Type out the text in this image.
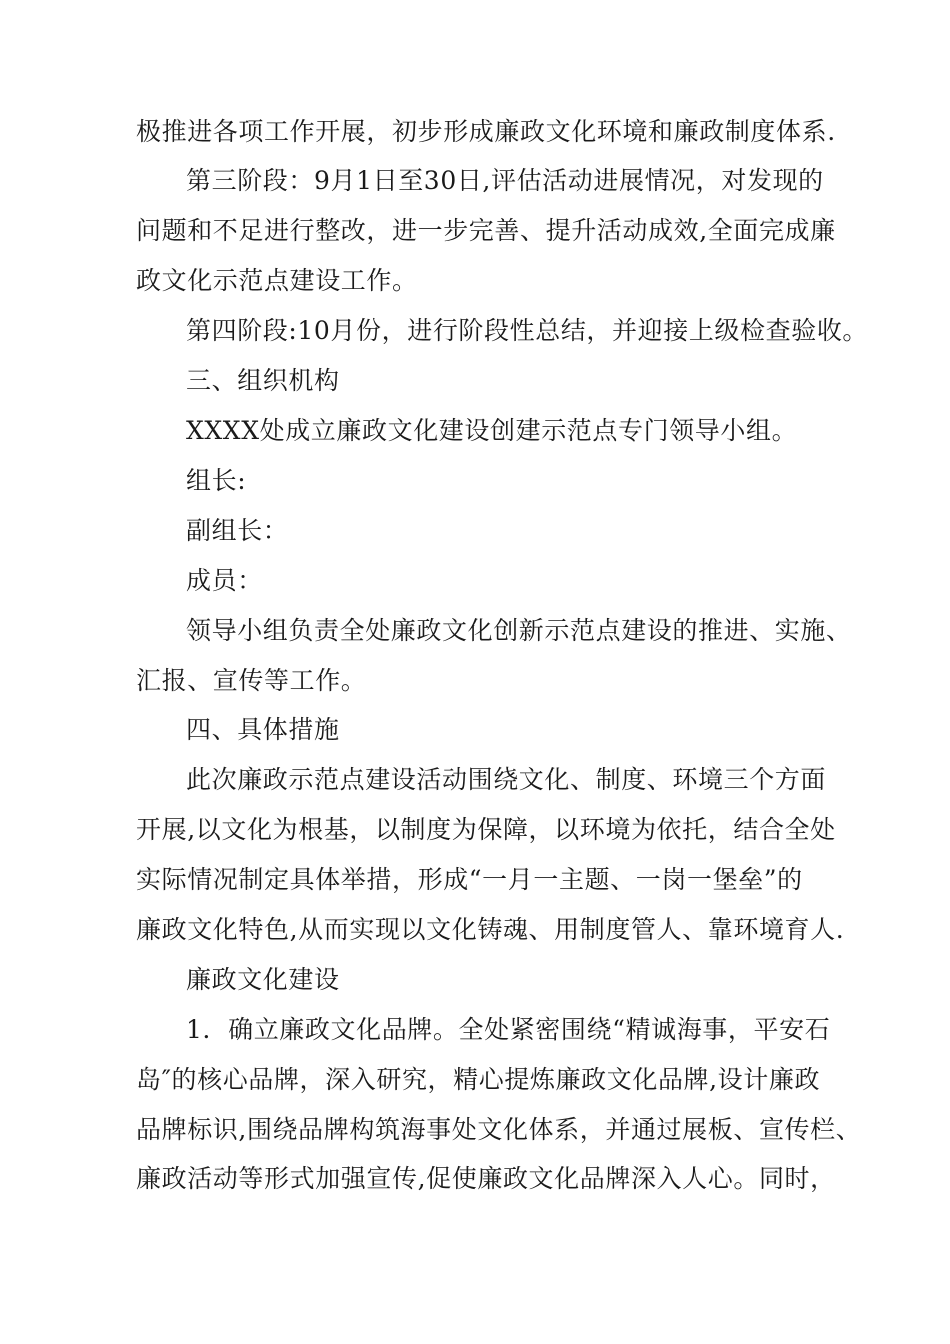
极推进各项工作开展，初步形成廉政文化环境和廉政制度体系.
第三阶段：9月1日至30日,评估活动进展情况，对发现的
问题和不足进行整改，进一步完善、提升活动成效,全面完成廉
政文化示范点建设工作。
第四阶段:10月份，进行阶段性总结，并迎接上级检查验收。
三、组织机构
XXXX处成立廉政文化建设创建示范点专门领导小组。
组长:
副组长：
成员：
领导小组负责全处廉政文化创新示范点建设的推进、实施、
汇报、宣传等工作。
四、具体措施
此次廉政示范点建设活动围绕文化、制度、环境三个方面
开展,以文化为根基，以制度为保障，以环境为依托，结合全处
实际情况制定具体举措，形成“一月一主题、一岗一堡垒”的
廉政文化特色,从而实现以文化铸魂、用制度管人、靠环境育人.
廉政文化建设
1．确立廉政文化品牌。全处紧密围绕“精诚海事，平安石
岛″的核心品牌，深入研究，精心提炼廉政文化品牌,设计廉政
品牌标识,围绕品牌构筑海事处文化体系，并通过展板、宣传栏、
廉政活动等形式加强宣传,促使廉政文化品牌深入人心。同时，
